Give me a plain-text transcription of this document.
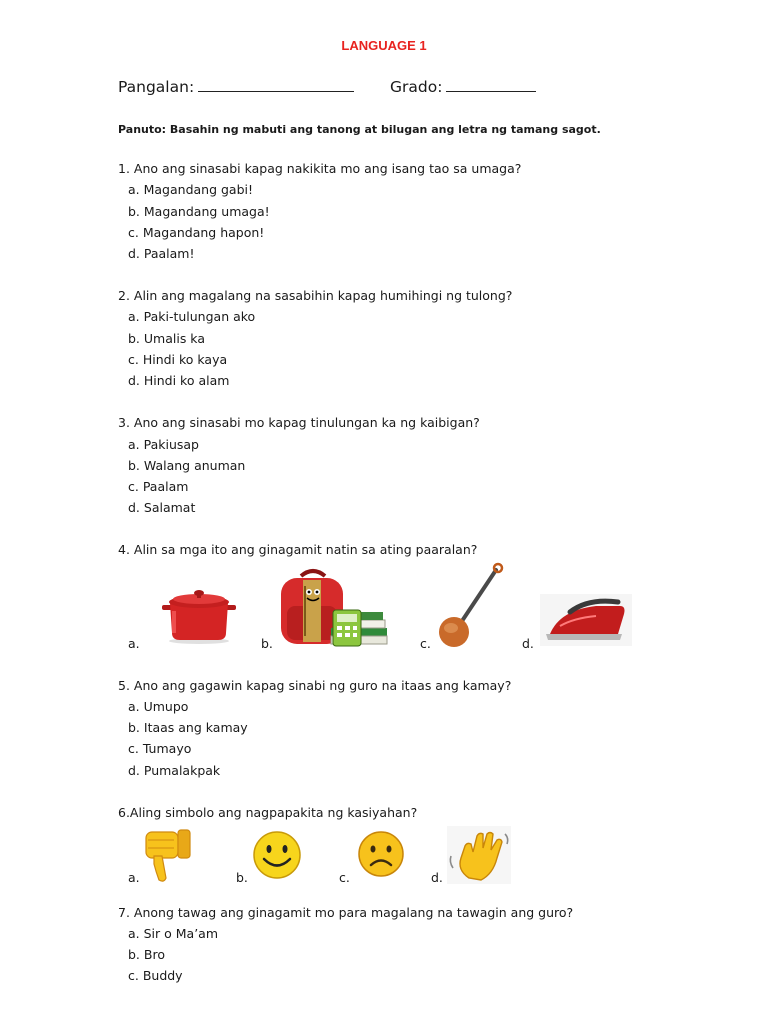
LANGUAGE 1
Pangalan:	Grado:
Panuto: Basahin ng mabuti ang tanong at bilugan ang letra ng tamang sagot.
1. Ano ang sinasabi kapag nakikita mo ang isang tao sa umaga?
a. Magandang gabi!
b. Magandang umaga!
c. Magandang hapon!
d. Paalam!
2. Alin ang magalang na sasabihin kapag humihingi ng tulong?
a. Paki-tulungan ako
b. Umalis ka
c. Hindi ko kaya
d. Hindi ko alam
3. Ano ang sinasabi mo kapag tinulungan ka ng kaibigan?
a. Pakiusap
b. Walang anuman
c. Paalam
d. Salamat
4. Alin sa mga ito ang ginagamit natin sa ating paaralan?
a.	b.	c.	d.
5. Ano ang gagawin kapag sinabi ng guro na itaas ang kamay?
a. Umupo
b. Itaas ang kamay
c. Tumayo
d. Pumalakpak
6.Aling simbolo ang nagpapakita ng kasiyahan?
a.	b.	c.	d.
7. Anong tawag ang ginagamit mo para magalang na tawagin ang guro?
a. Sir o Ma’am
b. Bro
c. Buddy
